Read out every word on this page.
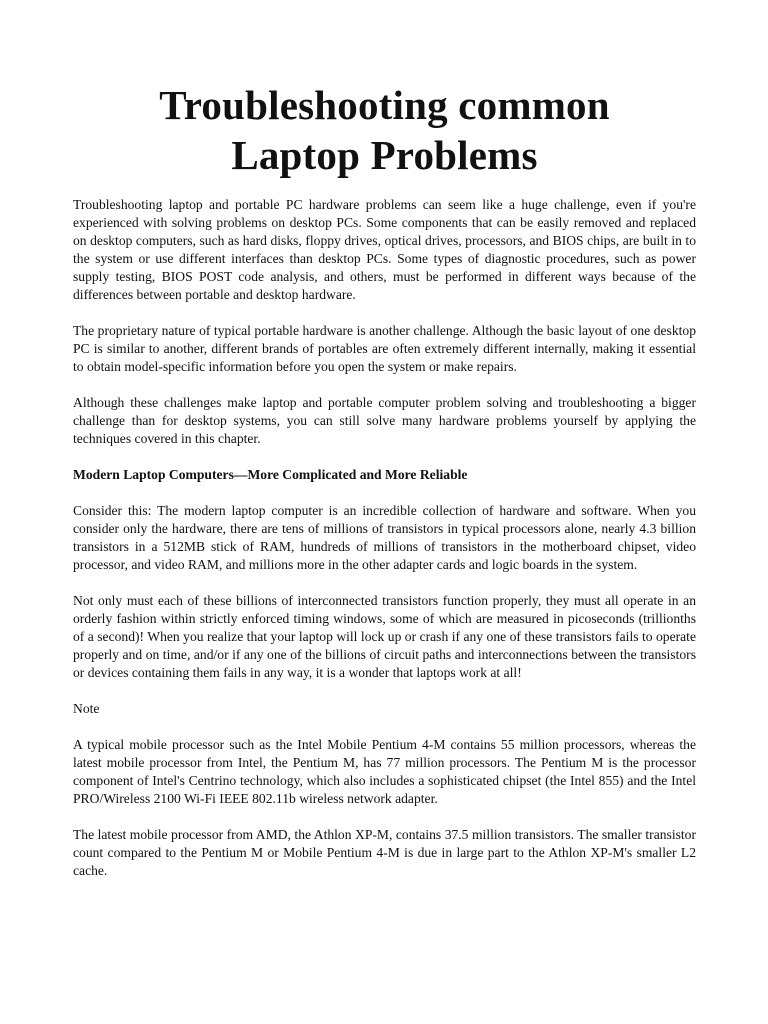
Troubleshooting common
Laptop Problems

Troubleshooting laptop and portable PC hardware problems can seem like a huge challenge, even if you're experienced with solving problems on desktop PCs. Some components that can be easily removed and replaced on desktop computers, such as hard disks, floppy drives, optical drives, processors, and BIOS chips, are built in to the system or use different interfaces than desktop PCs. Some types of diagnostic procedures, such as power supply testing, BIOS POST code analysis, and others, must be performed in different ways because of the differences between portable and desktop hardware.

The proprietary nature of typical portable hardware is another challenge. Although the basic layout of one desktop PC is similar to another, different brands of portables are often extremely different internally, making it essential to obtain model-specific information before you open the system or make repairs.

Although these challenges make laptop and portable computer problem solving and troubleshooting a bigger challenge than for desktop systems, you can still solve many hardware problems yourself by applying the techniques covered in this chapter.

Modern Laptop Computers—More Complicated and More Reliable

Consider this: The modern laptop computer is an incredible collection of hardware and software. When you consider only the hardware, there are tens of millions of transistors in typical processors alone, nearly 4.3 billion transistors in a 512MB stick of RAM, hundreds of millions of transistors in the motherboard chipset, video processor, and video RAM, and millions more in the other adapter cards and logic boards in the system.

Not only must each of these billions of interconnected transistors function properly, they must all operate in an orderly fashion within strictly enforced timing windows, some of which are measured in picoseconds (trillionths of a second)! When you realize that your laptop will lock up or crash if any one of these transistors fails to operate properly and on time, and/or if any one of the billions of circuit paths and interconnections between the transistors or devices containing them fails in any way, it is a wonder that laptops work at all!

Note

A typical mobile processor such as the Intel Mobile Pentium 4-M contains 55 million processors, whereas the latest mobile processor from Intel, the Pentium M, has 77 million processors. The Pentium M is the processor component of Intel's Centrino technology, which also includes a sophisticated chipset (the Intel 855) and the Intel PRO/Wireless 2100 Wi-Fi IEEE 802.11b wireless network adapter.

The latest mobile processor from AMD, the Athlon XP-M, contains 37.5 million transistors. The smaller transistor count compared to the Pentium M or Mobile Pentium 4-M is due in large part to the Athlon XP-M's smaller L2 cache.
